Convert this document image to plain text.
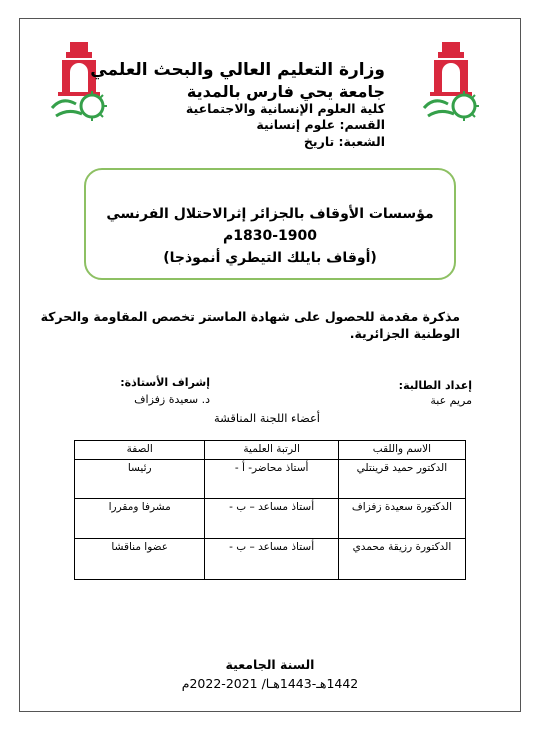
وزارة التعليم العالي والبحث العلمي
جامعة يحي فارس بالمدية
كلية العلوم الإنسانية والاجتماعية
القسم: علوم إنسانية
الشعبة: تاريخ
مؤسسات الأوقاف بالجزائر إثرالاحتلال الفرنسي
1830-1900م
(أوقاف بايلك التيطري أنموذجا)
مذكرة مقدمة للحصول على شهادة الماستر تخصص المقاومة والحركة
الوطنية الجزائرية.
إعداد الطالبة:
مريم عبة
إشراف الأستاذة:
د. سعيدة زفزاف
أعضاء اللجنة المناقشة
الاسم واللقب	الرتبة العلمية	الصفة
الدكتور حميد قرينتلي	أستاذ محاضر- أ -	رئيسا
الدكتورة سعيدة زفزاف	أستاذ مساعد – ب -	مشرفا ومقررا
الدكتورة رزيقة محمدي	أستاذ مساعد – ب -	عضوا مناقشا
السنة الجامعية
1442هـ-1443هـا/ 2021-2022م
